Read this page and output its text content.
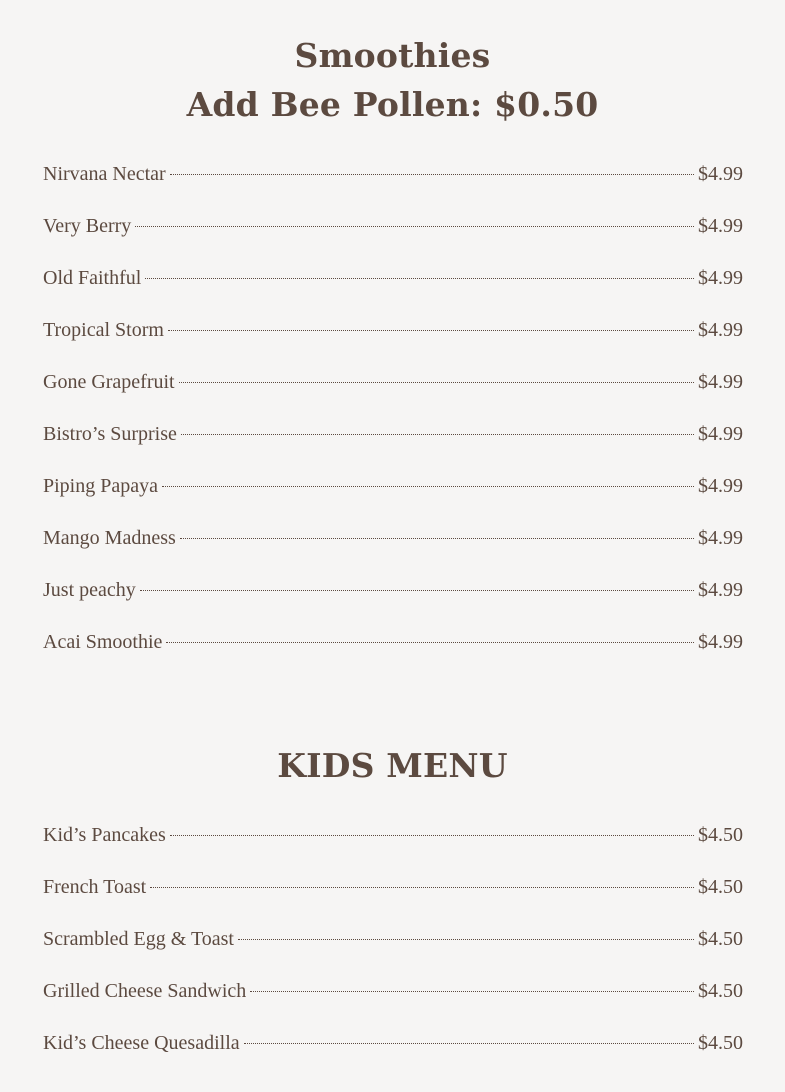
Smoothies
Add Bee Pollen: $0.50
Nirvana Nectar	$4.99
Very Berry	$4.99
Old Faithful	$4.99
Tropical Storm	$4.99
Gone Grapefruit	$4.99
Bistro’s Surprise	$4.99
Piping Papaya	$4.99
Mango Madness	$4.99
Just peachy	$4.99
Acai Smoothie	$4.99
KIDS MENU
Kid’s Pancakes	$4.50
French Toast	$4.50
Scrambled Egg & Toast	$4.50
Grilled Cheese Sandwich	$4.50
Kid’s Cheese Quesadilla	$4.50
